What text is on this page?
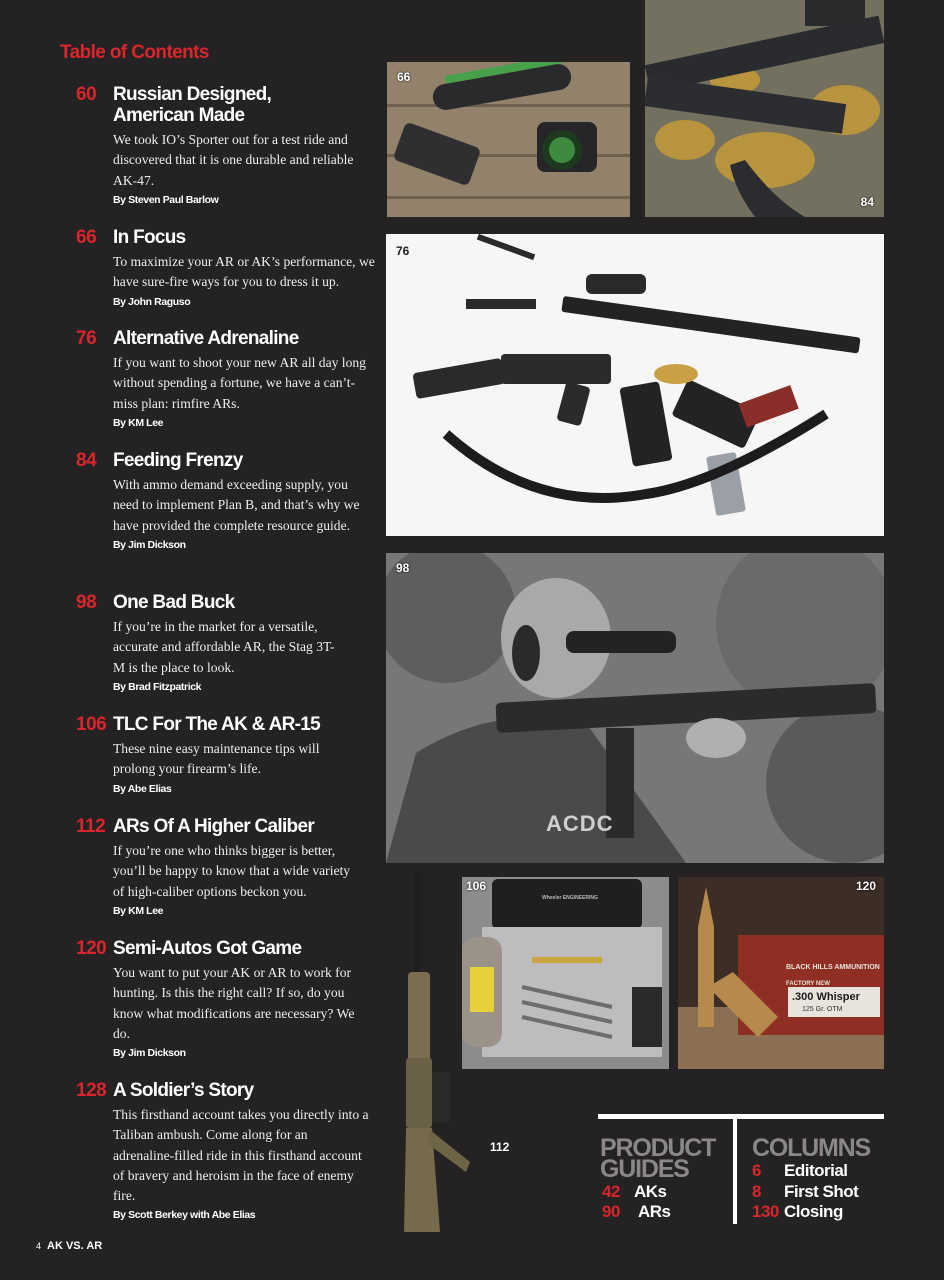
Table of Contents
60 Russian Designed,
American Made
We took IO’s Sporter out for a test ride and discovered that it is one durable and reliable AK-47.
By Steven Paul Barlow
66 In Focus
To maximize your AR or AK’s performance, we have sure-fire ways for you to dress it up.
By John Raguso
76 Alternative Adrenaline
If you want to shoot your new AR all day long without spending a fortune, we have a can’t-miss plan: rimfire ARs.
By KM Lee
84 Feeding Frenzy
With ammo demand exceeding supply, you need to implement Plan B, and that’s why we have provided the complete resource guide.
By Jim Dickson
98 One Bad Buck
If you’re in the market for a versatile, accurate and affordable AR, the Stag 3T-M is the place to look.
By Brad Fitzpatrick
106 TLC For The AK & AR-15
These nine easy maintenance tips will prolong your firearm’s life.
By Abe Elias
112 ARs Of A Higher Caliber
If you’re one who thinks bigger is better, you’ll be happy to know that a wide variety of high-caliber options beckon you.
By KM Lee
120 Semi-Autos Got Game
You want to put your AK or AR to work for hunting. Is this the right call? If so, do you know what modifications are necessary? We do.
By Jim Dickson
128 A Soldier’s Story
This firsthand account takes you directly into a Taliban ambush. Come along for an adrenaline-filled ride in this firsthand account of bravery and heroism in the face of enemy fire.
By Scott Berkey with Abe Elias
66
84
76
98
ACDC
106
Wheeler ENGINEERING
120
BLACK HILLS AMMUNITION
FACTORY NEW
.300 Whisper
125 Gr. OTM
112	PRODUCT
GUIDES
42 AKs
90 ARs
COLUMNS
6 Editorial
8 First Shot
130 Closing
4 AK VS. AR
